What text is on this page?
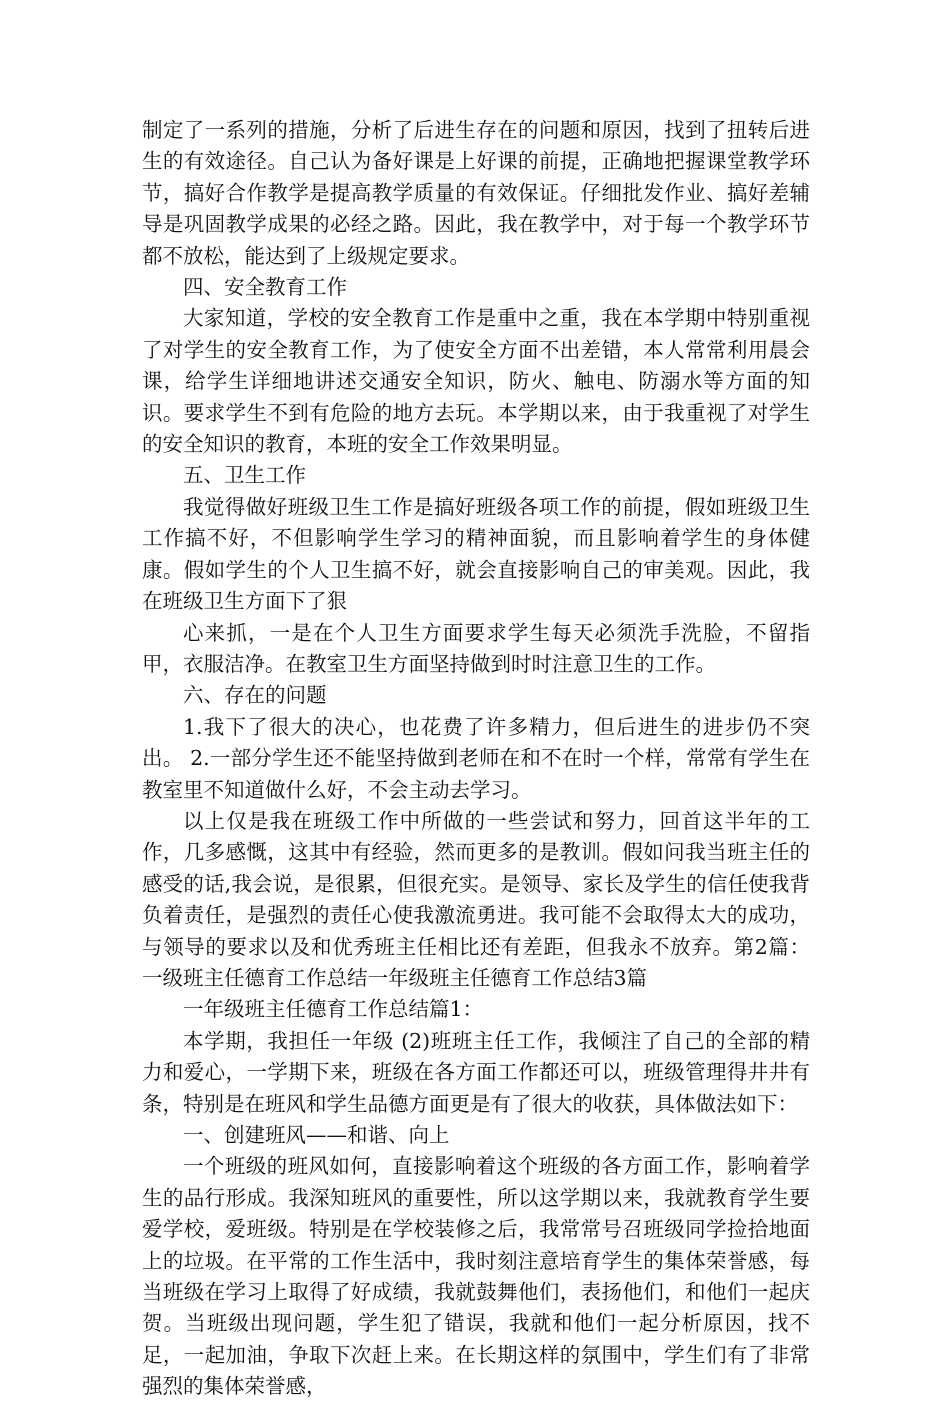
制定了一系列的措施，分析了后进生存在的问题和原因，找到了扭转后进生的有效途径。自己认为备好课是上好课的前提，正确地把握课堂教学环节，搞好合作教学是提高教学质量的有效保证。仔细批发作业、搞好差辅导是巩固教学成果的必经之路。因此，我在教学中，对于每一个教学环节都不放松，能达到了上级规定要求。

四、安全教育工作

大家知道，学校的安全教育工作是重中之重，我在本学期中特别重视了对学生的安全教育工作，为了使安全方面不出差错，本人常常利用晨会课，给学生详细地讲述交通安全知识，防火、触电、防溺水等方面的知识。要求学生不到有危险的地方去玩。本学期以来，由于我重视了对学生的安全知识的教育，本班的安全工作效果明显。

五、卫生工作

我觉得做好班级卫生工作是搞好班级各项工作的前提，假如班级卫生工作搞不好，不但影响学生学习的精神面貌，而且影响着学生的身体健康。假如学生的个人卫生搞不好，就会直接影响自己的审美观。因此，我在班级卫生方面下了狠

心来抓，一是在个人卫生方面要求学生每天必须洗手洗脸，不留指甲，衣服洁净。在教室卫生方面坚持做到时时注意卫生的工作。

六、存在的问题

1.我下了很大的决心，也花费了许多精力，但后进生的进步仍不突出。 2.一部分学生还不能坚持做到老师在和不在时一个样，常常有学生在教室里不知道做什么好，不会主动去学习。

以上仅是我在班级工作中所做的一些尝试和努力，回首这半年的工作，几多感慨，这其中有经验，然而更多的是教训。假如问我当班主任的感受的话,我会说，是很累，但很充实。是领导、家长及学生的信任使我背负着责任，是强烈的责任心使我激流勇进。我可能不会取得太大的成功，与领导的要求以及和优秀班主任相比还有差距，但我永不放弃。第2篇：一级班主任德育工作总结一年级班主任德育工作总结3篇

一年级班主任德育工作总结篇1：

本学期，我担任一年级 (2)班班主任工作，我倾注了自己的全部的精力和爱心，一学期下来，班级在各方面工作都还可以，班级管理得井井有条，特别是在班风和学生品德方面更是有了很大的收获，具体做法如下：

一、创建班风——和谐、向上

一个班级的班风如何，直接影响着这个班级的各方面工作，影响着学生的品行形成。我深知班风的重要性，所以这学期以来，我就教育学生要爱学校，爱班级。特别是在学校装修之后，我常常号召班级同学捡拾地面上的垃圾。在平常的工作生活中，我时刻注意培育学生的集体荣誉感，每当班级在学习上取得了好成绩，我就鼓舞他们，表扬他们，和他们一起庆贺。当班级出现问题，学生犯了错误，我就和他们一起分析原因，找不足，一起加油，争取下次赶上来。在长期这样的氛围中，学生们有了非常强烈的集体荣誉感，
